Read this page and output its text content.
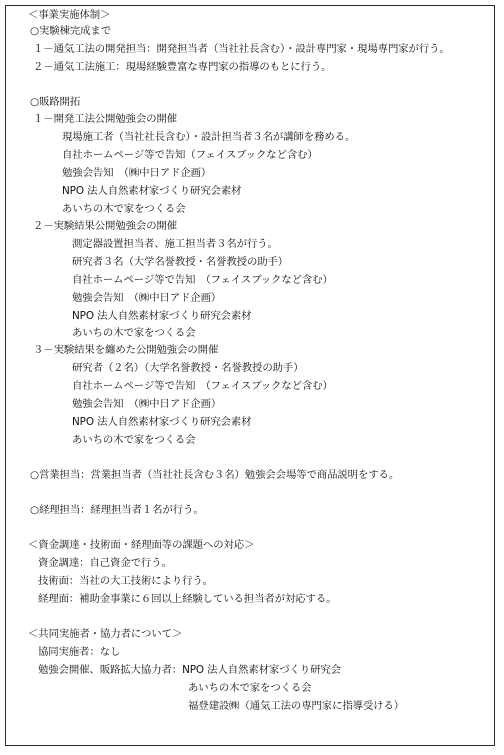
＜事業実施体制＞
○実験棟完成まで
１－通気工法の開発担当：開発担当者（当社社長含む）・設計専門家・現場専門家が行う。
２－通気工法施工：現場経験豊富な専門家の指導のもとに行う。
○販路開拓
１－開発工法公開勉強会の開催
現場施工者（当社社長含む）・設計担当者３名が講師を務める。
自社ホームページ等で告知（フェイスブックなど含む）
勉強会告知　（㈱中日アド企画）
NPO 法人自然素材家づくり研究会素材
あいちの木で家をつくる会
２－実験結果公開勉強会の開催
測定器設置担当者、施工担当者３名が行う。
研究者３名（大学名誉教授・名誉教授の助手）
自社ホームページ等で告知　（フェイスブックなど含む）
勉強会告知　（㈱中日アド企画）
NPO 法人自然素材家づくり研究会素材
あいちの木で家をつくる会
３－実験結果を纏めた公開勉強会の開催
研究者（２名）（大学名誉教授・名誉教授の助手）
自社ホームページ等で告知　（フェイスブックなど含む）
勉強会告知　（㈱中日アド企画）
NPO 法人自然素材家づくり研究会素材
あいちの木で家をつくる会
○営業担当：営業担当者（当社社長含む３名）勉強会会場等で商品説明をする。
○経理担当：経理担当者１名が行う。
＜資金調達・技術面・経理面等の課題への対応＞
資金調達：自己資金で行う。
技術面：当社の大工技術により行う。
経理面：補助金事業に６回以上経験している担当者が対応する。
＜共同実施者・協力者について＞
協同実施者：なし
勉強会開催、販路拡大協力者：NPO 法人自然素材家づくり研究会
あいちの木で家をつくる会
福登建設㈱（通気工法の専門家に指導受ける）
